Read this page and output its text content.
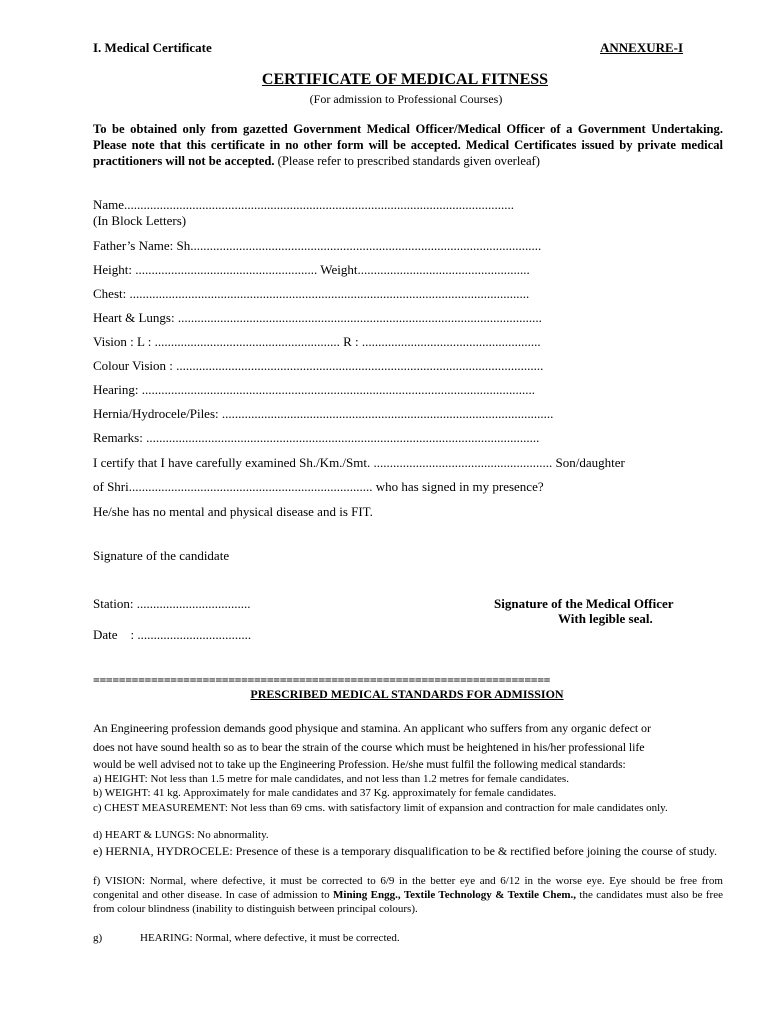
I. Medical Certificate	ANNEXURE-I
CERTIFICATE OF MEDICAL FITNESS
(For admission to Professional Courses)
To be obtained only from gazetted Government Medical Officer/Medical Officer of a Government Undertaking. Please note that this certificate in no other form will be accepted. Medical Certificates issued by private medical practitioners will not be accepted. (Please refer to prescribed standards given overleaf)
Name........................................................................................................................
(In Block Letters)
Father’s Name: Sh............................................................................................................
Height: ........................................................ Weight.....................................................
Chest: ...........................................................................................................................
Heart & Lungs: ................................................................................................................
Vision : L : ......................................................... R : .......................................................
Colour Vision : .................................................................................................................
Hearing: .........................................................................................................................
Hernia/Hydrocele/Piles: ......................................................................................................
Remarks: .........................................................................................................................
I certify that I have carefully examined Sh./Km./Smt. ....................................................... Son/daughter
of Shri........................................................................... who has signed in my presence?
He/she has no mental and physical disease and is FIT.
Signature of the candidate
Station: ...................................
Date    : ...................................
Signature of the Medical Officer
With legible seal.
=======================================================================
PRESCRIBED MEDICAL STANDARDS FOR ADMISSION
An Engineering profession demands good physique and stamina. An applicant who suffers from any organic defect or
does not have sound health so as to bear the strain of the course which must be heightened in his/her professional life
would be well advised not to take up the Engineering Profession. He/she must fulfil the following medical standards:
a) HEIGHT: Not less than 1.5 metre for male candidates, and not less than 1.2 metres for female candidates.
b) WEIGHT: 41 kg. Approximately for male candidates and 37 Kg. approximately for female candidates.
c) CHEST MEASUREMENT: Not less than 69 cms. with satisfactory limit of expansion and contraction for male candidates only.
d) HEART & LUNGS: No abnormality.
e) HERNIA, HYDROCELE: Presence of these is a temporary disqualification to be & rectified before joining the course of study.
f) VISION: Normal, where defective, it must be corrected to 6/9 in the better eye and 6/12 in the worse eye. Eye should be free from congenital and other disease. In case of admission to Mining Engg., Textile Technology & Textile Chem., the candidates must also be free from colour blindness (inability to distinguish between principal colours).
g)	HEARING: Normal, where defective, it must be corrected.
